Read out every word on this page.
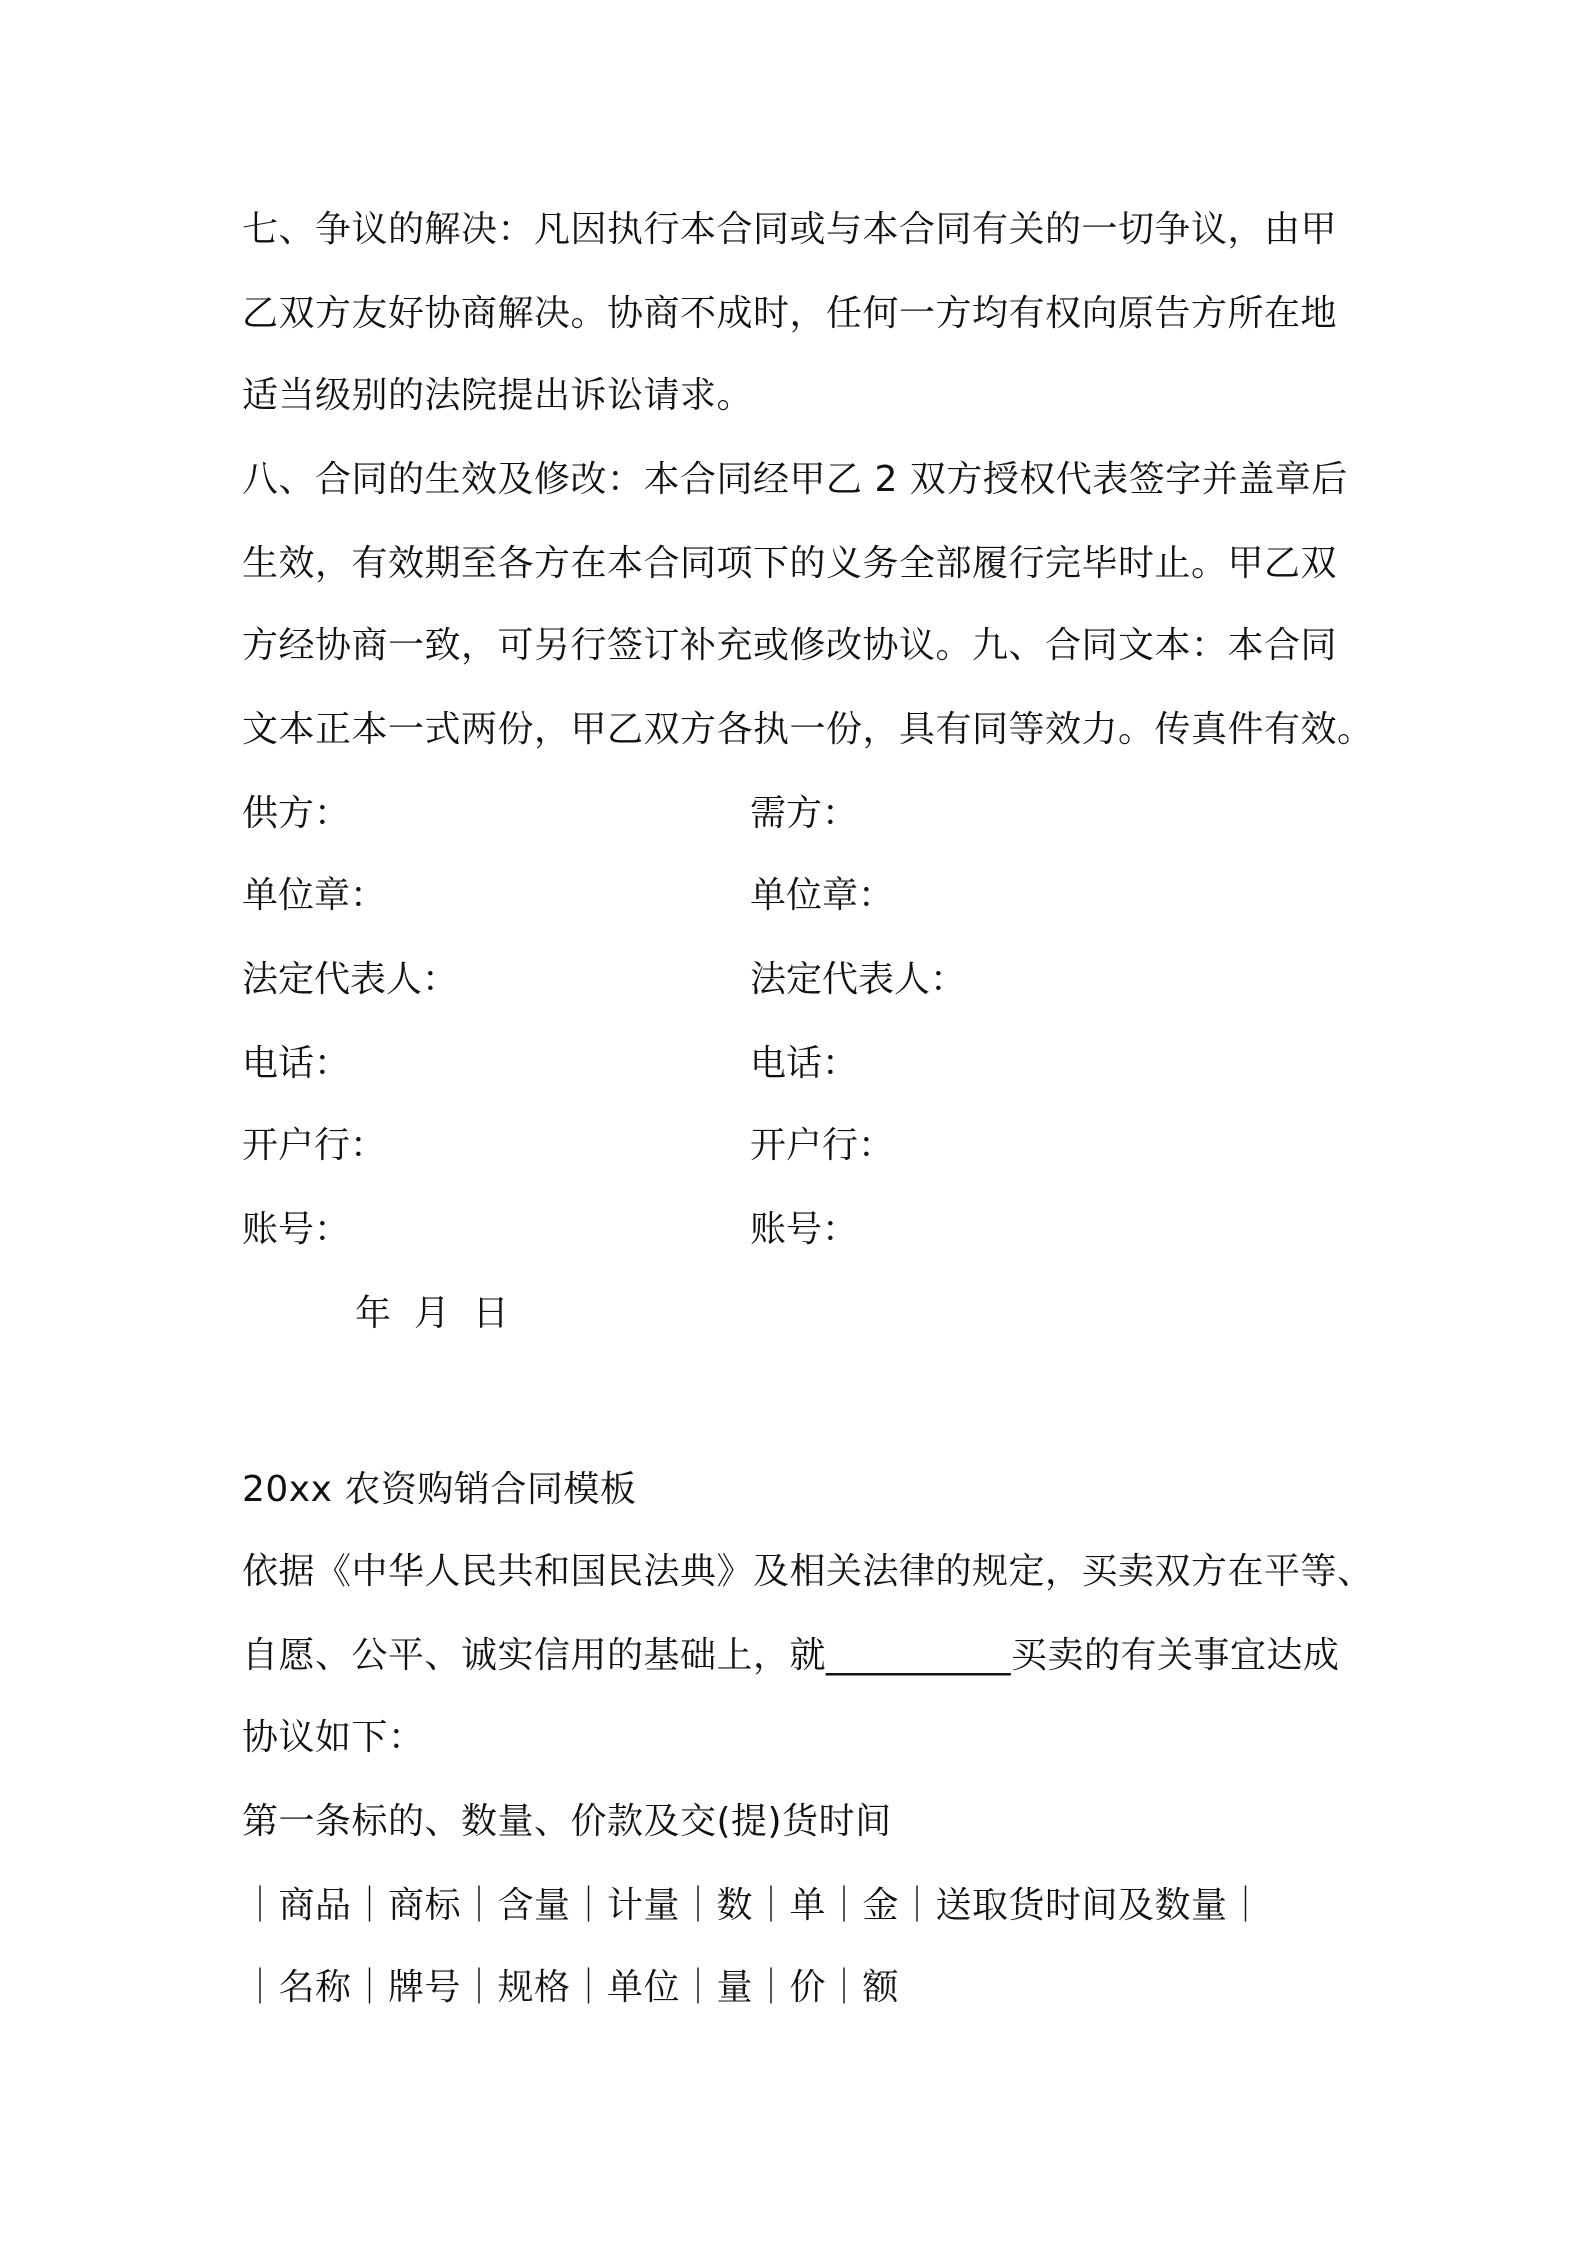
七、争议的解决：凡因执行本合同或与本合同有关的一切争议，由甲
乙双方友好协商解决。协商不成时，任何一方均有权向原告方所在地
适当级别的法院提出诉讼请求。
八、合同的生效及修改：本合同经甲乙 2 双方授权代表签字并盖章后
生效，有效期至各方在本合同项下的义务全部履行完毕时止。甲乙双
方经协商一致，可另行签订补充或修改协议。九、合同文本：本合同
文本正本一式两份，甲乙双方各执一份，具有同等效力。传真件有效。
供方：	需方：
单位章：	单位章：
法定代表人：	法定代表人：
电话：	电话：
开户行：	开户行：
账号：	账号：
年  月  日
20xx 农资购销合同模板
依据《中华人民共和国民法典》及相关法律的规定，买卖双方在平等、
自愿、公平、诚实信用的基础上，就__________买卖的有关事宜达成
协议如下：
第一条标的、数量、价款及交(提)货时间
｜商品｜商标｜含量｜计量｜数｜单｜金｜送取货时间及数量｜
｜名称｜牌号｜规格｜单位｜量｜价｜额
